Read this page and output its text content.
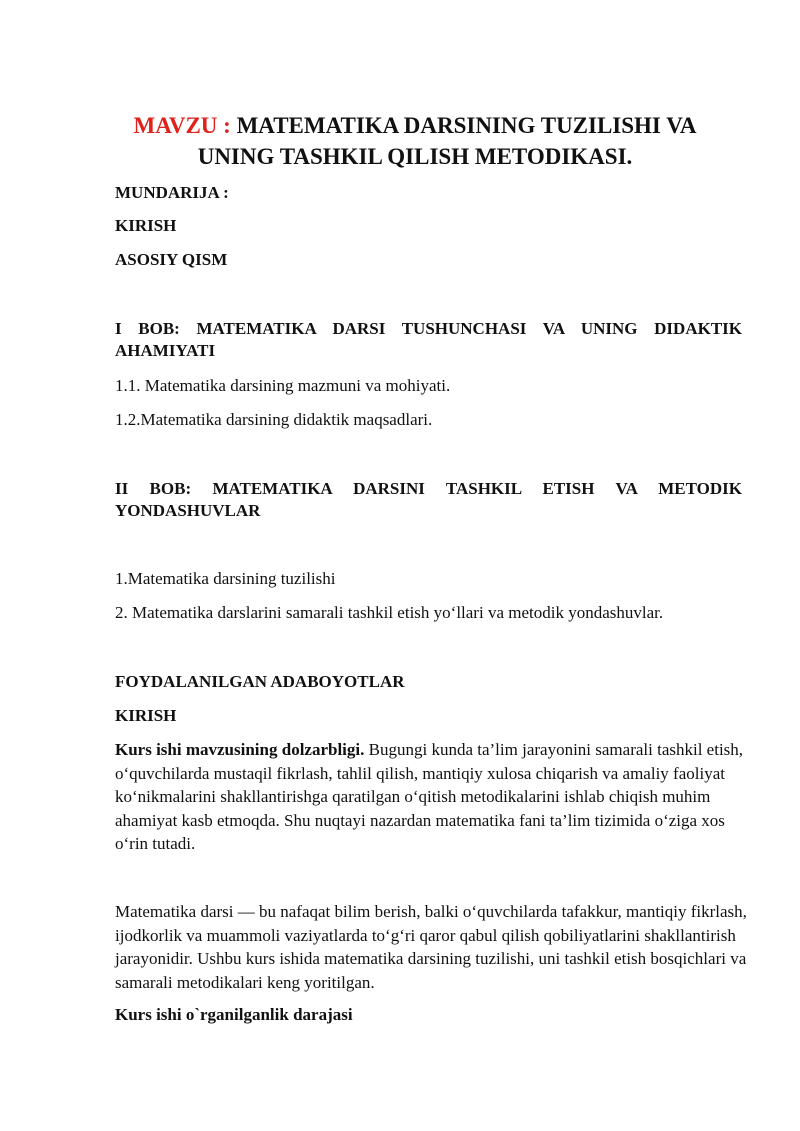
MAVZU : MATEMATIKA DARSINING TUZILISHI VA
UNING TASHKIL QILISH METODIKASI.
MUNDARIJA :
KIRISH
ASOSIY QISM
I BOB: MATEMATIKA DARSI TUSHUNCHASI VA UNING DIDAKTIK AHAMIYATI
1.1. Matematika darsining mazmuni va mohiyati.
1.2.Matematika darsining didaktik maqsadlari.
II BOB: MATEMATIKA DARSINI TASHKIL ETISH VA METODIK YONDASHUVLAR
1.Matematika darsining tuzilishi
2. Matematika darslarini samarali tashkil etish yo‘llari va metodik yondashuvlar.
FOYDALANILGAN ADABOYOTLAR
KIRISH
Kurs ishi mavzusining dolzarbligi. Bugungi kunda ta’lim jarayonini samarali tashkil etish, o‘quvchilarda mustaqil fikrlash, tahlil qilish, mantiqiy xulosa chiqarish va amaliy faoliyat ko‘nikmalarini shakllantirishga qaratilgan o‘qitish metodikalarini ishlab chiqish muhim ahamiyat kasb etmoqda. Shu nuqtayi nazardan matematika fani ta’lim tizimida o‘ziga xos o‘rin tutadi.
Matematika darsi — bu nafaqat bilim berish, balki o‘quvchilarda tafakkur, mantiqiy fikrlash, ijodkorlik va muammoli vaziyatlarda to‘g‘ri qaror qabul qilish qobiliyatlarini shakllantirish jarayonidir. Ushbu kurs ishida matematika darsining tuzilishi, uni tashkil etish bosqichlari va samarali metodikalari keng yoritilgan.
Kurs ishi o`rganilganlik darajasi
